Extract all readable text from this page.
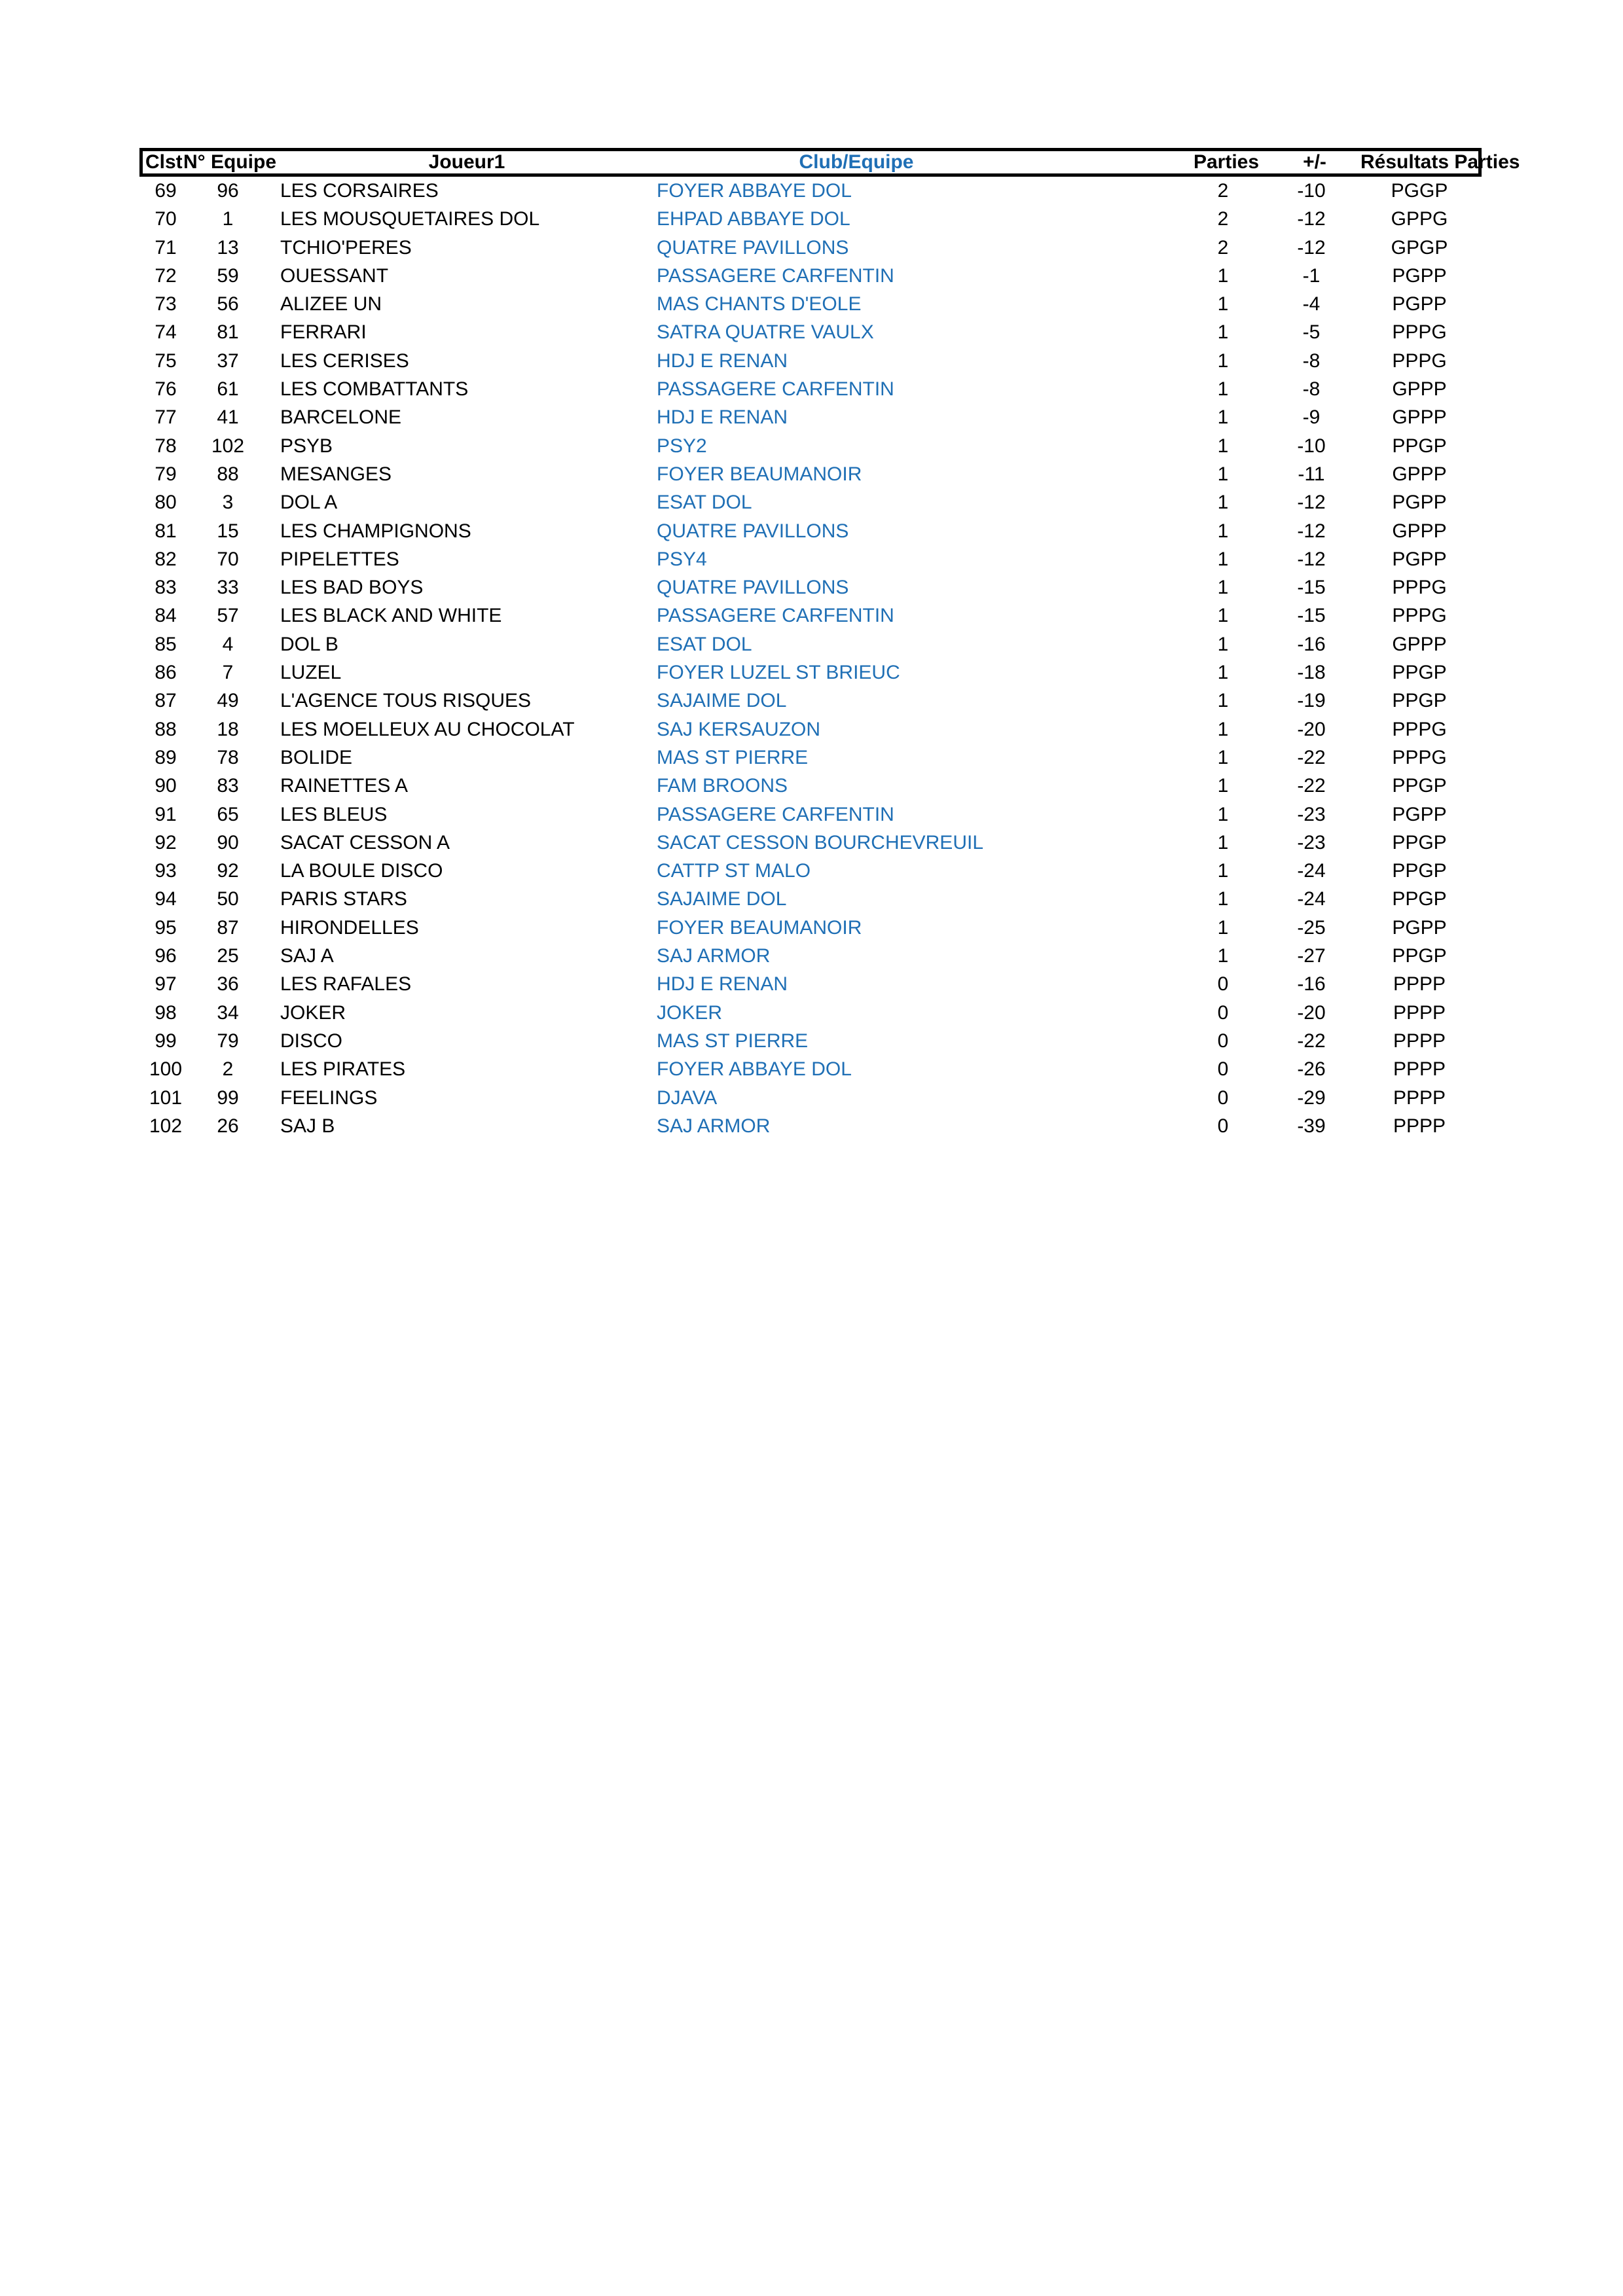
Clst N° Equipe	Joueur1	Club/Equipe	Parties	+/-	Résultats Parties
69	96	LES CORSAIRES	FOYER ABBAYE DOL	2	-10	PGGP
70	1	LES MOUSQUETAIRES DOL	EHPAD ABBAYE DOL	2	-12	GPPG
71	13	TCHIO'PERES	QUATRE PAVILLONS	2	-12	GPGP
72	59	OUESSANT	PASSAGERE CARFENTIN	1	-1	PGPP
73	56	ALIZEE UN	MAS CHANTS D'EOLE	1	-4	PGPP
74	81	FERRARI	SATRA QUATRE VAULX	1	-5	PPPG
75	37	LES CERISES	HDJ E RENAN	1	-8	PPPG
76	61	LES COMBATTANTS	PASSAGERE CARFENTIN	1	-8	GPPP
77	41	BARCELONE	HDJ E RENAN	1	-9	GPPP
78	102	PSYB	PSY2	1	-10	PPGP
79	88	MESANGES	FOYER BEAUMANOIR	1	-11	GPPP
80	3	DOL A	ESAT DOL	1	-12	PGPP
81	15	LES CHAMPIGNONS	QUATRE PAVILLONS	1	-12	GPPP
82	70	PIPELETTES	PSY4	1	-12	PGPP
83	33	LES BAD BOYS	QUATRE PAVILLONS	1	-15	PPPG
84	57	LES BLACK AND WHITE	PASSAGERE CARFENTIN	1	-15	PPPG
85	4	DOL B	ESAT DOL	1	-16	GPPP
86	7	LUZEL	FOYER LUZEL ST BRIEUC	1	-18	PPGP
87	49	L'AGENCE TOUS RISQUES	SAJAIME DOL	1	-19	PPGP
88	18	LES MOELLEUX AU CHOCOLAT	SAJ KERSAUZON	1	-20	PPPG
89	78	BOLIDE	MAS ST PIERRE	1	-22	PPPG
90	83	RAINETTES A	FAM BROONS	1	-22	PPGP
91	65	LES BLEUS	PASSAGERE CARFENTIN	1	-23	PGPP
92	90	SACAT CESSON A	SACAT CESSON BOURCHEVREUIL	1	-23	PPGP
93	92	LA BOULE DISCO	CATTP ST MALO	1	-24	PPGP
94	50	PARIS STARS	SAJAIME DOL	1	-24	PPGP
95	87	HIRONDELLES	FOYER BEAUMANOIR	1	-25	PGPP
96	25	SAJ A	SAJ ARMOR	1	-27	PPGP
97	36	LES RAFALES	HDJ E RENAN	0	-16	PPPP
98	34	JOKER	JOKER	0	-20	PPPP
99	79	DISCO	MAS ST PIERRE	0	-22	PPPP
100	2	LES PIRATES	FOYER ABBAYE DOL	0	-26	PPPP
101	99	FEELINGS	DJAVA	0	-29	PPPP
102	26	SAJ B	SAJ ARMOR	0	-39	PPPP
